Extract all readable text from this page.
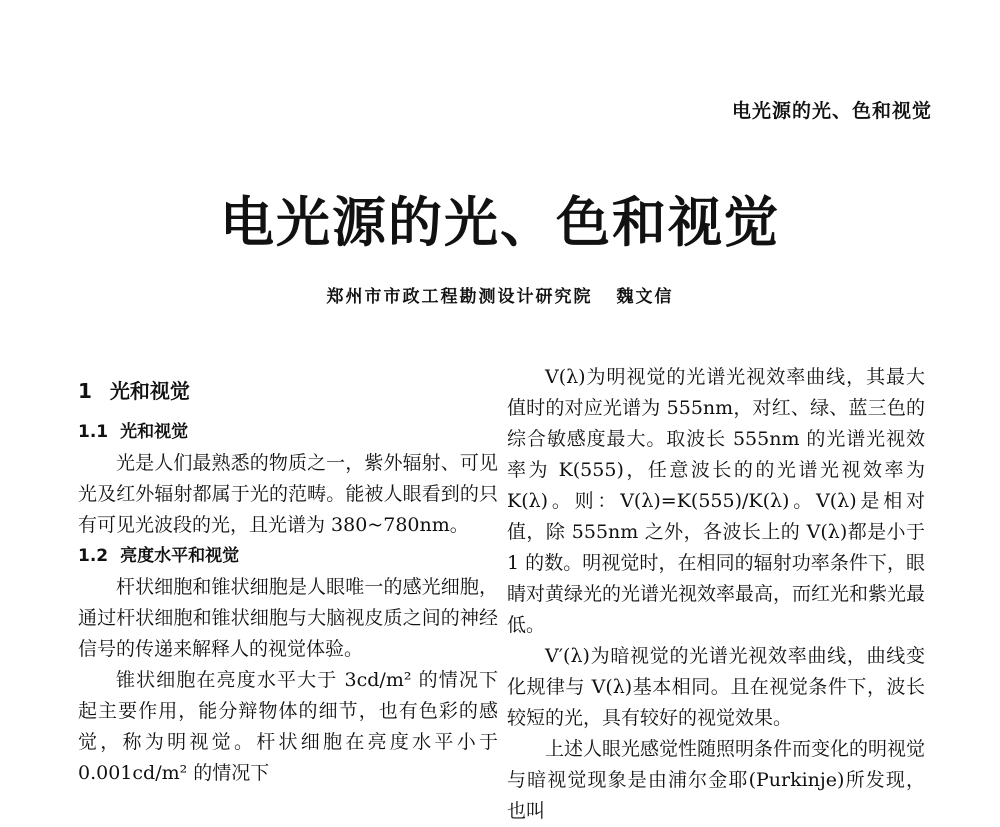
电光源的光、色和视觉
电光源的光、色和视觉
郑州市市政工程勘测设计研究院 魏文信
1 光和视觉
1.1 光和视觉

光是人们最熟悉的物质之一，紫外辐射、可见光及红外辐射都属于光的范畴。能被人眼看到的只有可见光波段的光，且光谱为 380~780nm。

1.2 亮度水平和视觉

杆状细胞和锥状细胞是人眼唯一的感光细胞，通过杆状细胞和锥状细胞与大脑视皮质之间的神经信号的传递来解释人的视觉体验。

锥状细胞在亮度水平大于 3cd/m² 的情况下起主要作用，能分辩物体的细节，也有色彩的感觉，称为明视觉。杆状细胞在亮度水平小于 0.001cd/m² 的情况下

V(λ)为明视觉的光谱光视效率曲线，其最大值时的对应光谱为 555nm，对红、绿、蓝三色的综合敏感度最大。取波长 555nm 的光谱光视效率为 K(555)，任意波长的的光谱光视效率为 K(λ)。则：V(λ)=K(555)/K(λ)。V(λ)是相对值，除 555nm 之外，各波长上的 V(λ)都是小于 1 的数。明视觉时，在相同的辐射功率条件下，眼睛对黄绿光的光谱光视效率最高，而红光和紫光最低。

V′(λ)为暗视觉的光谱光视效率曲线，曲线变化规律与 V(λ)基本相同。且在视觉条件下，波长较短的光，具有较好的视觉效果。

上述人眼光感觉性随照明条件而变化的明视觉与暗视觉现象是由浦尔金耶(Purkinje)所发现，也叫
